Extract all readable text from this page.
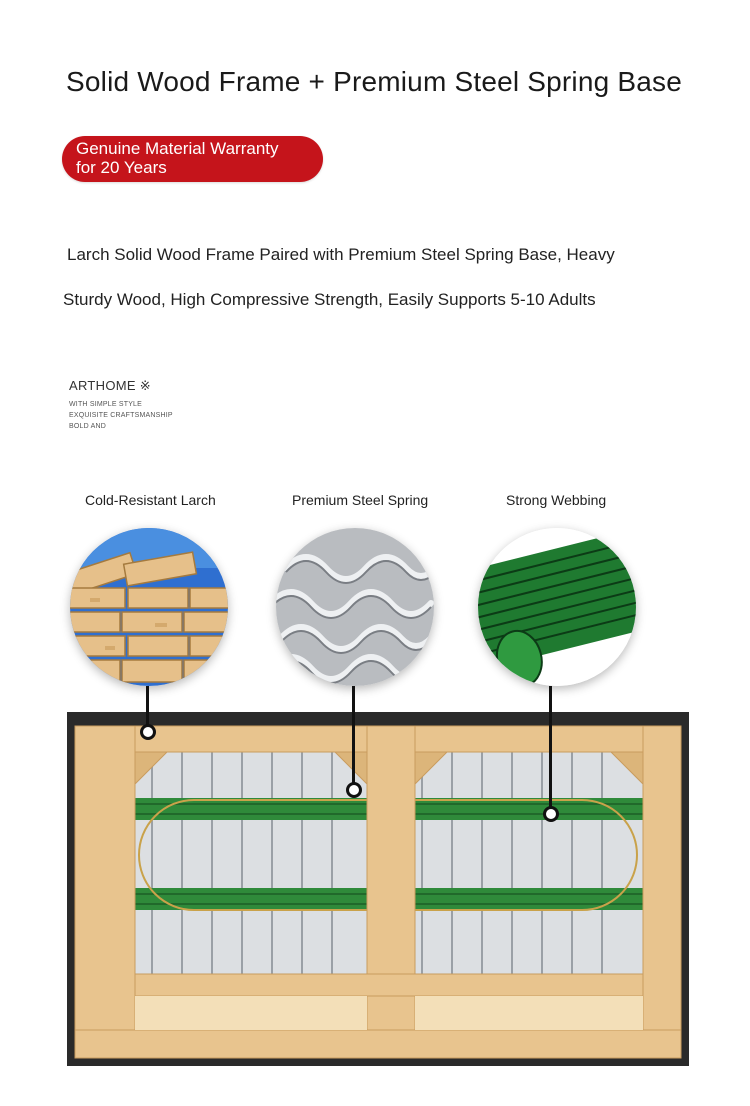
Solid Wood Frame + Premium Steel Spring Base
Genuine Material Warranty
for 20 Years
Larch Solid Wood Frame Paired with Premium Steel Spring Base, Heavy
Sturdy Wood, High Compressive Strength, Easily Supports 5-10 Adults
ARTHOME ※
WITH SIMPLE STYLE
EXQUISITE CRAFTSMANSHIP
BOLD AND
Cold-Resistant Larch	Premium Steel Spring	Strong Webbing
